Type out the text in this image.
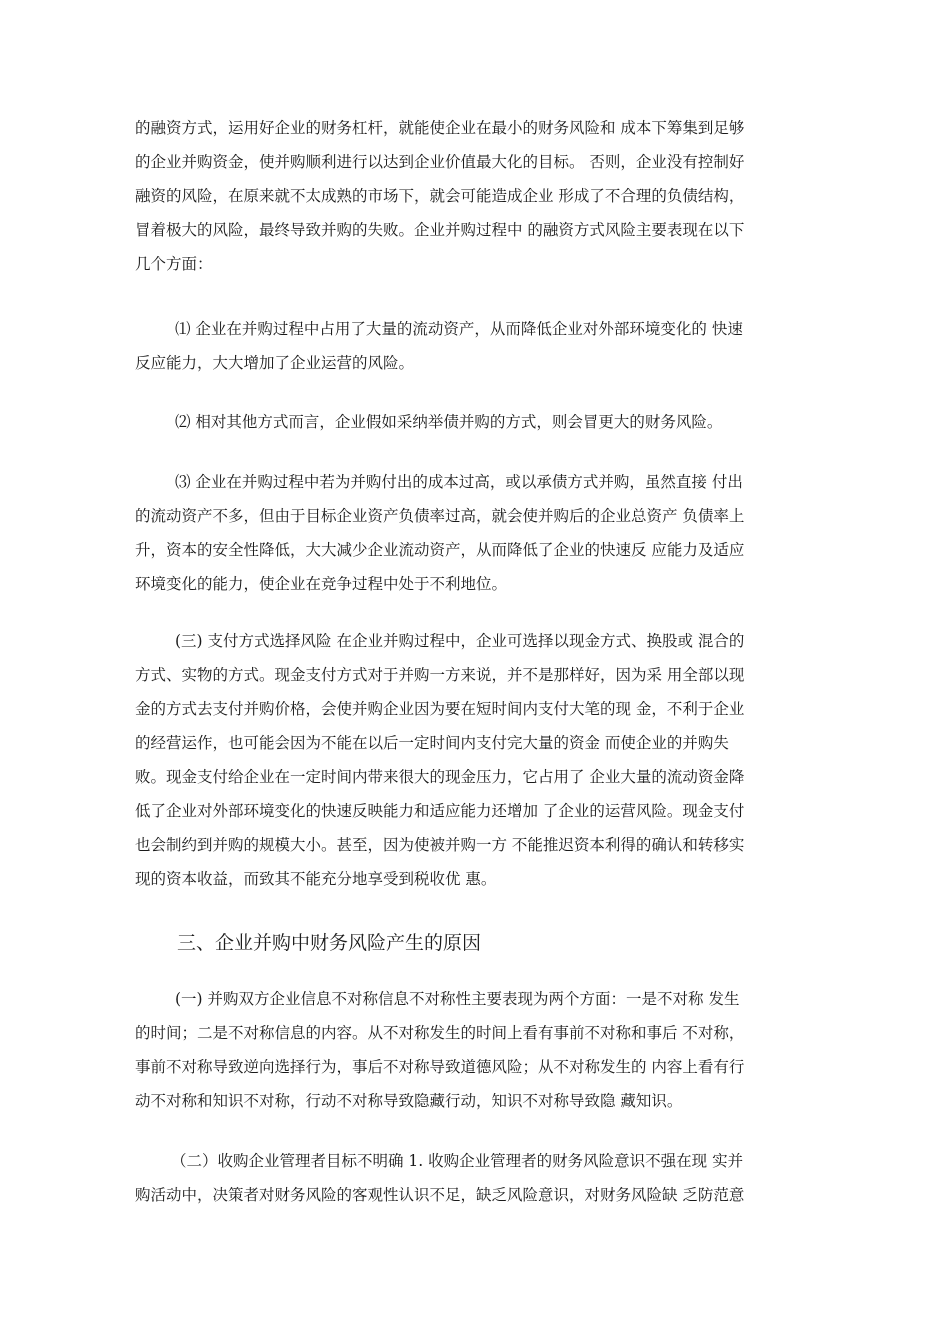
的融资方式，运用好企业的财务杠杆，就能使企业在最小的财务风险和 成本下筹集到足够
的企业并购资金，使并购顺利进行以达到企业价值最大化的目标。 否则，企业没有控制好
融资的风险，在原来就不太成熟的市场下，就会可能造成企业 形成了不合理的负债结构，
冒着极大的风险，最终导致并购的失败。企业并购过程中 的融资方式风险主要表现在以下
几个方面：
⑴ 企业在并购过程中占用了大量的流动资产，从而降低企业对外部环境变化的 快速
反应能力，大大增加了企业运营的风险。
⑵ 相对其他方式而言，企业假如采纳举债并购的方式，则会冒更大的财务风险。
⑶ 企业在并购过程中若为并购付出的成本过高，或以承债方式并购，虽然直接 付出
的流动资产不多，但由于目标企业资产负债率过高，就会使并购后的企业总资产 负债率上
升，资本的安全性降低，大大减少企业流动资产，从而降低了企业的快速反 应能力及适应
环境变化的能力，使企业在竞争过程中处于不利地位。
(三) 支付方式选择风险 在企业并购过程中，企业可选择以现金方式、换股或 混合的
方式、实物的方式。现金支付方式对于并购一方来说，并不是那样好，因为采 用全部以现
金的方式去支付并购价格，会使并购企业因为要在短时间内支付大笔的现 金，不利于企业
的经营运作，也可能会因为不能在以后一定时间内支付完大量的资金 而使企业的并购失
败。现金支付给企业在一定时间内带来很大的现金压力，它占用了 企业大量的流动资金降
低了企业对外部环境变化的快速反映能力和适应能力还增加 了企业的运营风险。现金支付
也会制约到并购的规模大小。甚至，因为使被并购一方 不能推迟资本利得的确认和转移实
现的资本收益，而致其不能充分地享受到税收优 惠。
三、企业并购中财务风险产生的原因
(一) 并购双方企业信息不对称信息不对称性主要表现为两个方面：一是不对称 发生
的时间；二是不对称信息的内容。从不对称发生的时间上看有事前不对称和事后 不对称，
事前不对称导致逆向选择行为，事后不对称导致道德风险；从不对称发生的 内容上看有行
动不对称和知识不对称，行动不对称导致隐藏行动，知识不对称导致隐 藏知识。
（二）收购企业管理者目标不明确 1. 收购企业管理者的财务风险意识不强在现 实并
购活动中，决策者对财务风险的客观性认识不足，缺乏风险意识，对财务风险缺 乏防范意
